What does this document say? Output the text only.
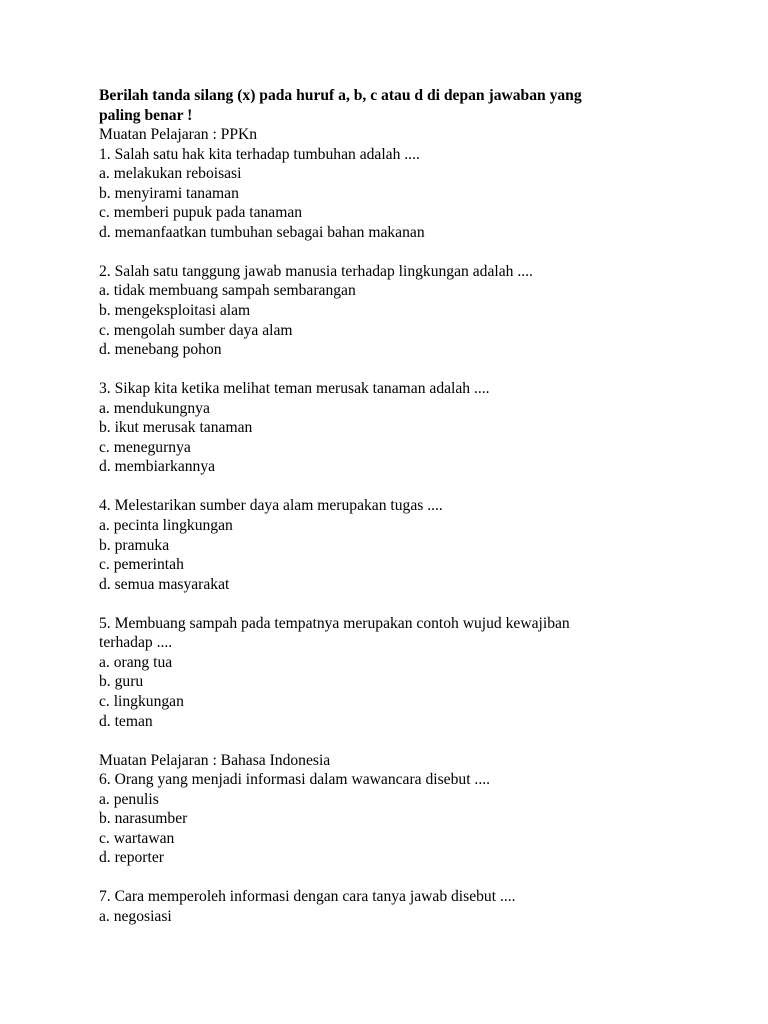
Berilah tanda silang (x) pada huruf a, b, c atau d di depan jawaban yang
paling benar !
Muatan Pelajaran : PPKn
1. Salah satu hak kita terhadap tumbuhan adalah ....
a. melakukan reboisasi
b. menyirami tanaman
c. memberi pupuk pada tanaman
d. memanfaatkan tumbuhan sebagai bahan makanan
2. Salah satu tanggung jawab manusia terhadap lingkungan adalah ....
a. tidak membuang sampah sembarangan
b. mengeksploitasi alam
c. mengolah sumber daya alam
d. menebang pohon
3. Sikap kita ketika melihat teman merusak tanaman adalah ....
a. mendukungnya
b. ikut merusak tanaman
c. menegurnya
d. membiarkannya
4. Melestarikan sumber daya alam merupakan tugas ....
a. pecinta lingkungan
b. pramuka
c. pemerintah
d. semua masyarakat
5. Membuang sampah pada tempatnya merupakan contoh wujud kewajiban
terhadap ....
a. orang tua
b. guru
c. lingkungan
d. teman
Muatan Pelajaran : Bahasa Indonesia
6. Orang yang menjadi informasi dalam wawancara disebut ....
a. penulis
b. narasumber
c. wartawan
d. reporter
7. Cara memperoleh informasi dengan cara tanya jawab disebut ....
a. negosiasi
